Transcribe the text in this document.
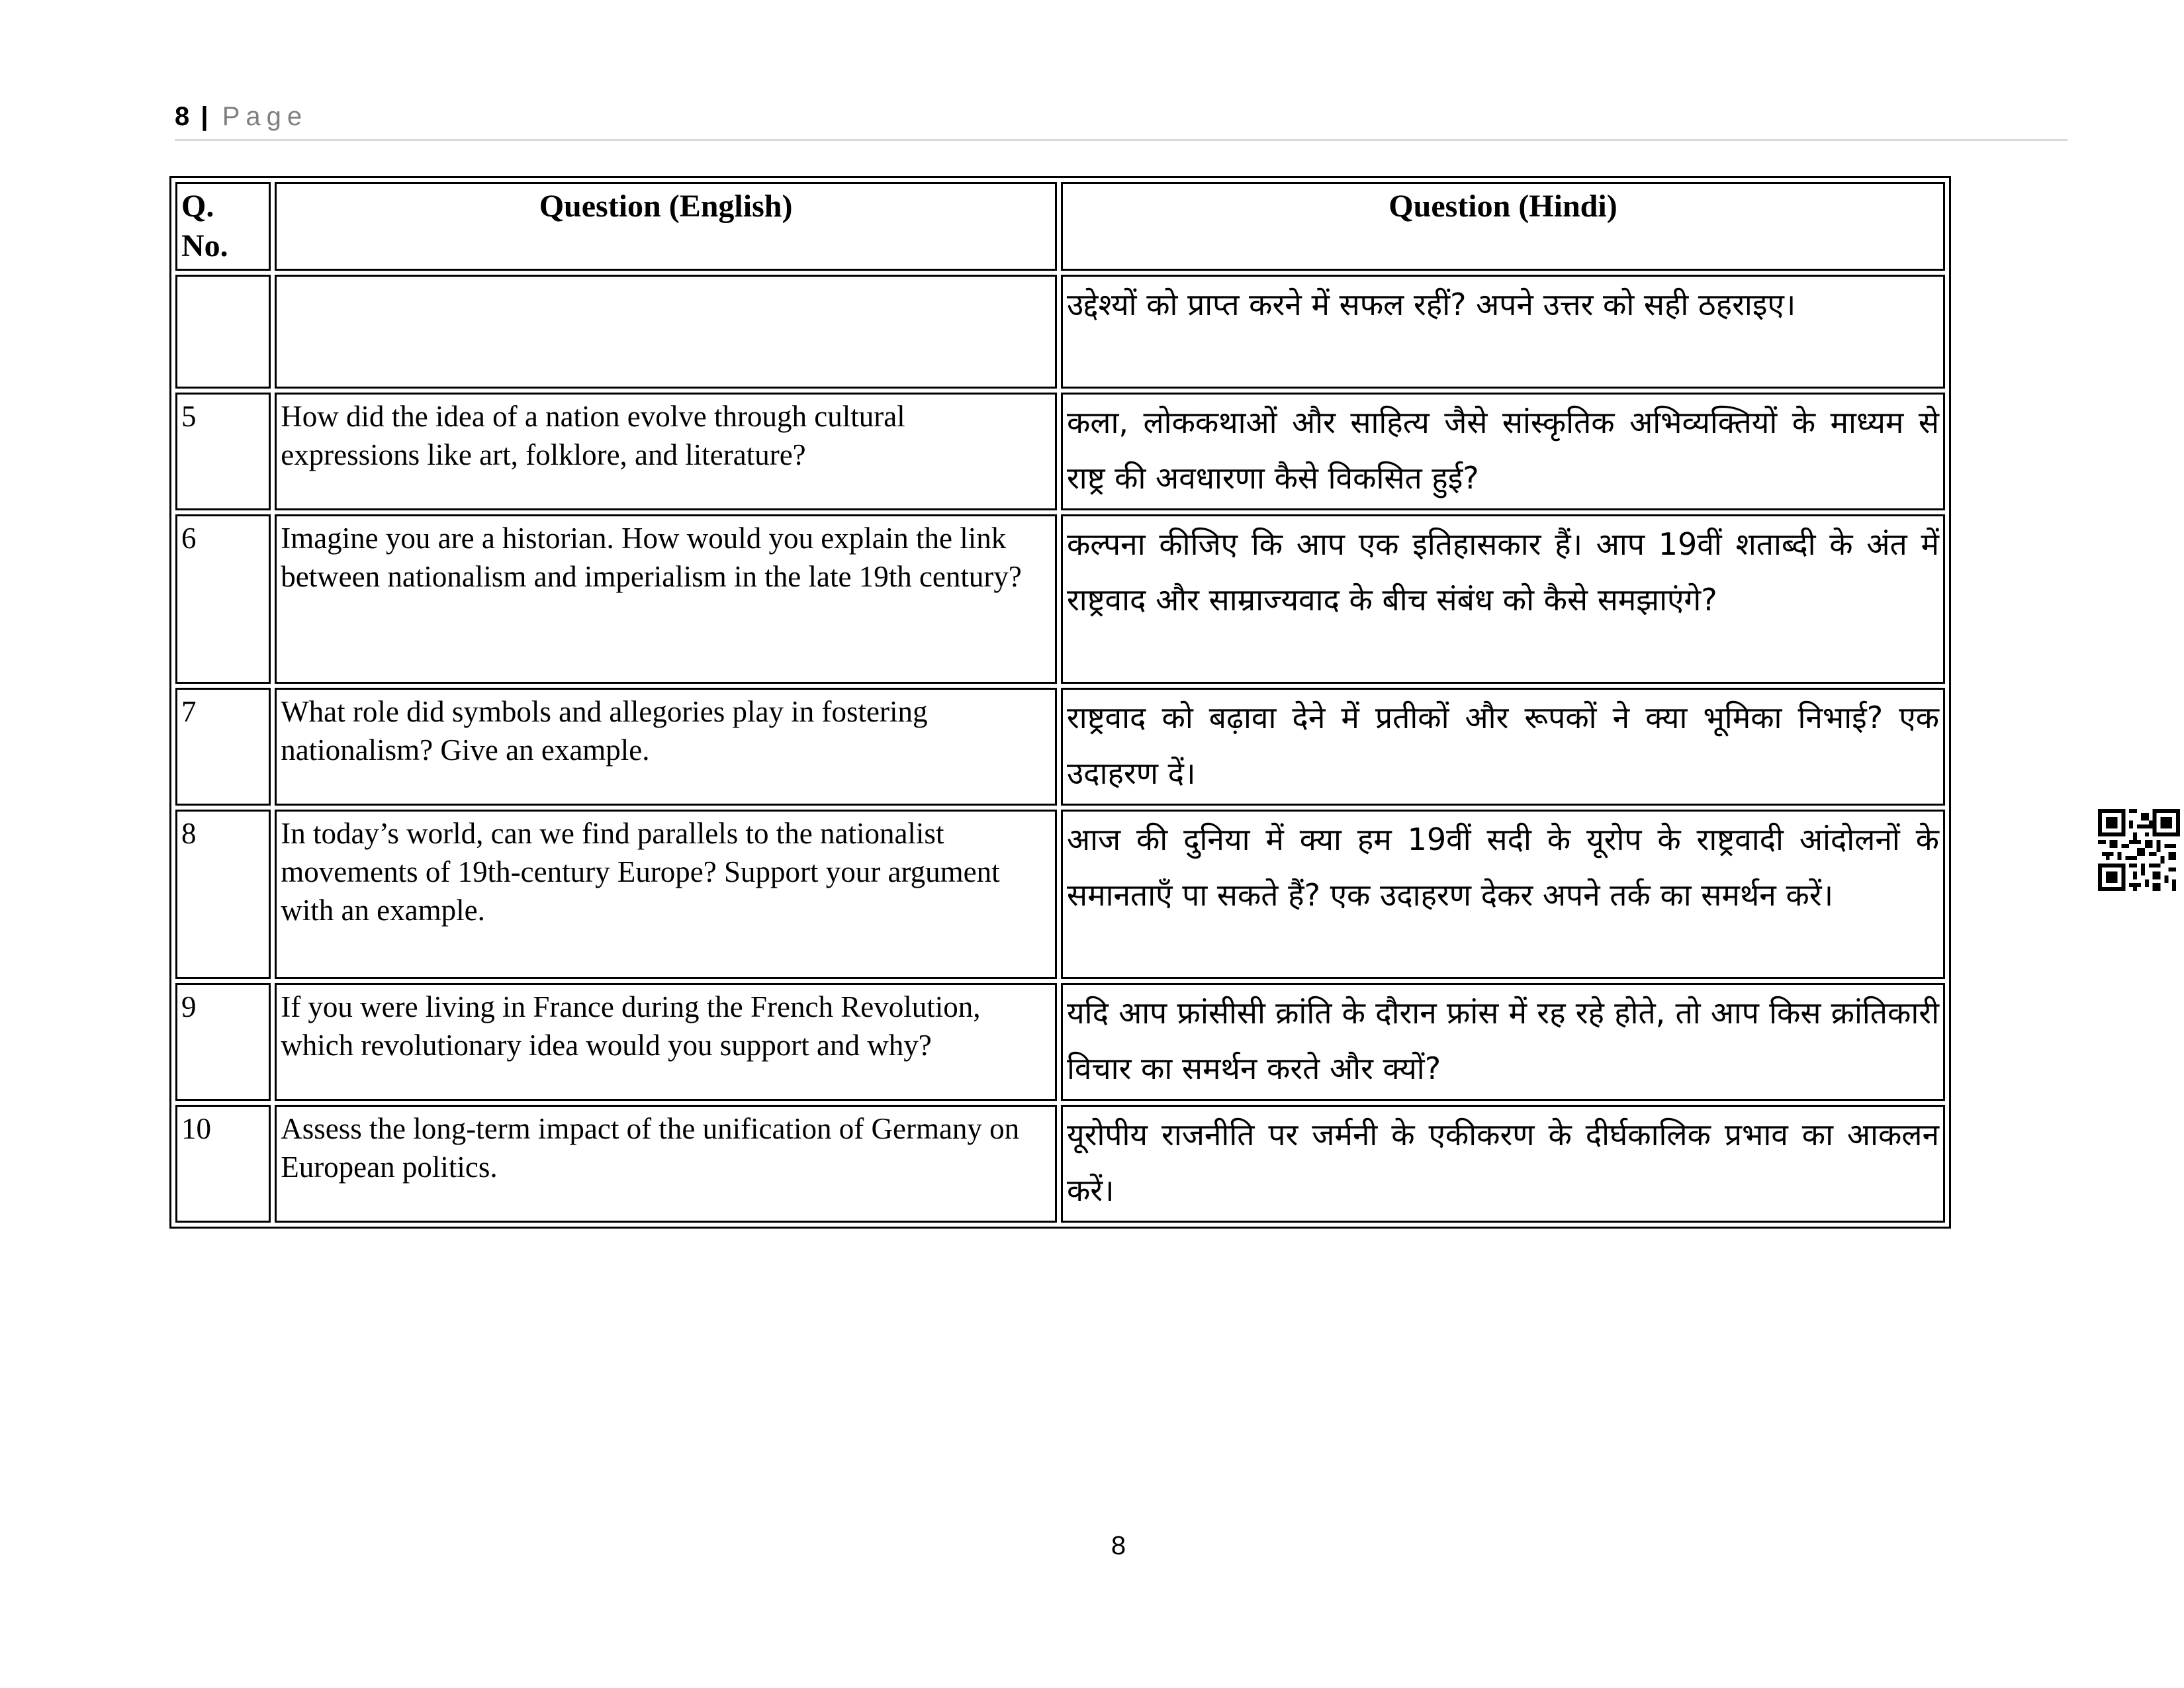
8 | Page
Q. No.	Question (English)	Question (Hindi)
		उद्देश्यों को प्राप्त करने में सफल रहीं? अपने उत्तर को सही ठहराइए।
5	How did the idea of a nation evolve through cultural expressions like art, folklore, and literature?	कला, लोककथाओं और साहित्य जैसे सांस्कृतिक अभिव्यक्तियों के माध्यम से राष्ट्र की अवधारणा कैसे विकसित हुई?
6	Imagine you are a historian. How would you explain the link between nationalism and imperialism in the late 19th century?	कल्पना कीजिए कि आप एक इतिहासकार हैं। आप 19वीं शताब्दी के अंत में राष्ट्रवाद और साम्राज्यवाद के बीच संबंध को कैसे समझाएंगे?
7	What role did symbols and allegories play in fostering nationalism? Give an example.	राष्ट्रवाद को बढ़ावा देने में प्रतीकों और रूपकों ने क्या भूमिका निभाई? एक उदाहरण दें।
8	In today’s world, can we find parallels to the nationalist movements of 19th-century Europe? Support your argument with an example.	आज की दुनिया में क्या हम 19वीं सदी के यूरोप के राष्ट्रवादी आंदोलनों के समानताएँ पा सकते हैं? एक उदाहरण देकर अपने तर्क का समर्थन करें।
9	If you were living in France during the French Revolution, which revolutionary idea would you support and why?	यदि आप फ्रांसीसी क्रांति के दौरान फ्रांस में रह रहे होते, तो आप किस क्रांतिकारी विचार का समर्थन करते और क्यों?
10	Assess the long-term impact of the unification of Germany on European politics.	यूरोपीय राजनीति पर जर्मनी के एकीकरण के दीर्घकालिक प्रभाव का आकलन करें।
8
